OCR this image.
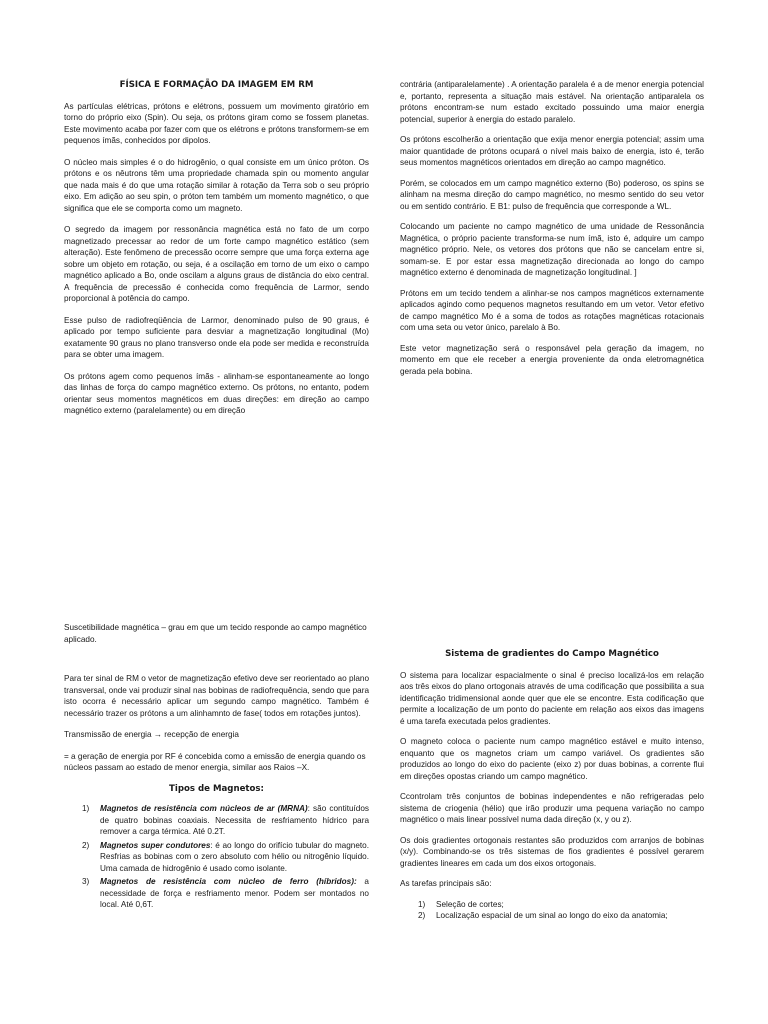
FÍSICA E FORMAÇÃO DA IMAGEM EM RM

As partículas elétricas, prótons e elétrons, possuem um movimento giratório em torno do próprio eixo (Spin). Ou seja, os prótons giram como se fossem planetas. Este movimento acaba por fazer com que os elétrons e prótons transformem-se em pequenos ímãs, conhecidos por dipolos.

O núcleo mais simples é o do hidrogênio, o qual consiste em um único próton. Os prótons e os nêutrons têm uma propriedade chamada spin ou momento angular que nada mais é do que uma rotação similar à rotação da Terra sob o seu próprio eixo. Em adição ao seu spin, o próton tem também um momento magnético, o que significa que ele se comporta como um magneto.

O segredo da imagem por ressonância magnética está no fato de um corpo magnetizado precessar ao redor de um forte campo magnético estático (sem alteração). Este fenômeno de precessão ocorre sempre que uma força externa age sobre um objeto em rotação, ou seja, é a oscilação em torno de um eixo o campo magnético aplicado a Bo, onde oscilam a alguns graus de distância do eixo central. A frequência de precessão é conhecida como frequência de Larmor, sendo proporcional à potência do campo.

Esse pulso de radiofreqüência de Larmor, denominado pulso de 90 graus, é aplicado por tempo suficiente para desviar a magnetização longitudinal (Mo) exatamente 90 graus no plano transverso onde ela pode ser medida e reconstruída para se obter uma imagem.

Os prótons agem como pequenos ímãs - alinham-se espontaneamente ao longo das linhas de força do campo magnético externo. Os prótons, no entanto, podem orientar seus momentos magnéticos em duas direções: em direção ao campo magnético externo (paralelamente) ou em direção

contrária (antiparalelamente) . A orientação paralela é a de menor energia potencial e, portanto, representa a situação mais estável. Na orientação antiparalela os prótons encontram-se num estado excitado possuindo uma maior energia potencial, superior à energia do estado paralelo.

Os prótons escolherão a orientação que exija menor energia potencial; assim uma maior quantidade de prótons ocupará o nível mais baixo de energia, isto é, terão seus momentos magnéticos orientados em direção ao campo magnético.

Porém, se colocados em um campo magnético externo (Bo) poderoso, os spins se alinham na mesma direção do campo magnético, no mesmo sentido do seu vetor ou em sentido contrário. E B1: pulso de frequência que corresponde a WL.

Colocando um paciente no campo magnético de uma unidade de Ressonância Magnética, o próprio paciente transforma-se num ímã, isto é, adquire um campo magnético próprio. Nele, os vetores dos prótons que não se cancelam entre si, somam-se. E por estar essa magnetização direcionada ao longo do campo magnético externo é denominada de magnetização longitudinal. ]

Prótons em um tecido tendem a alinhar-se nos campos magnéticos externamente aplicados agindo como pequenos magnetos resultando em um vetor. Vetor efetivo de campo magnético Mo é a soma de todos as rotações magnéticas rotacionais com uma seta ou vetor único, parelalo à Bo.

Este vetor magnetização será o responsável pela geração da imagem, no momento em que ele receber a energia proveniente da onda eletromagnética gerada pela bobina.

Suscetibilidade magnética – grau em que um tecido responde ao campo magnético aplicado.

Para ter sinal de RM o vetor de magnetização efetivo deve ser reorientado ao plano transversal, onde vai produzir sinal nas bobinas de radiofrequência, sendo que para isto ocorra é necessário aplicar um segundo campo magnético. Também é necessário trazer os prótons a um alinhamnto de fase( todos em rotações juntos).

Transmissão de energia → recepção de energia

= a geração de energia por RF é concebida como a emissão de energia quando os núcleos passam ao estado de menor energia, similar aos Raios –X.

Tipos de Magnetos:

1) Magnetos de resistência com núcleos de ar (MRNA): são contituídos de quatro bobinas coaxiais. Necessita de resfriamento hídrico para remover a carga térmica. Até 0.2T.
2) Magnetos super condutores: é ao longo do orifício tubular do magneto. Resfrias as bobinas com o zero absoluto com hélio ou nitrogênio líquido. Uma camada de hidrogênio é usado como isolante.
3) Magnetos de resistência com núcleo de ferro (híbridos): a necessidade de força e resfriamento menor. Podem ser montados no local. Até 0,6T.

Sistema de gradientes do Campo Magnético

O sistema para localizar espacialmente o sinal é preciso localizá-los em relação aos três eixos do plano ortogonais através de uma codificação que possibilita a sua identificação tridimensional aonde quer que ele se encontre. Esta codificação que permite a localização de um ponto do paciente em relação aos eixos das imagens é uma tarefa executada pelos gradientes.

O magneto coloca o paciente num campo magnético estável e muito intenso, enquanto que os magnetos criam um campo variável. Os gradientes são produzidos ao longo do eixo do paciente (eixo z) por duas bobinas, a corrente flui em direções opostas criando um campo magnético.

Ccontrolam três conjuntos de bobinas independentes e não refrigeradas pelo sistema de criogenia (hélio) que irão produzir uma pequena variação no campo magnético o mais linear possível numa dada direção (x, y ou z).

Os dois gradientes ortogonais restantes são produzidos com arranjos de bobinas (x/y). Combinando-se os três sistemas de fios gradientes é possível gerarem gradientes lineares em cada um dos eixos ortogonais.

As tarefas principais são:

1) Seleção de cortes;
2) Localização espacial de um sinal ao longo do eixo da anatomia;
